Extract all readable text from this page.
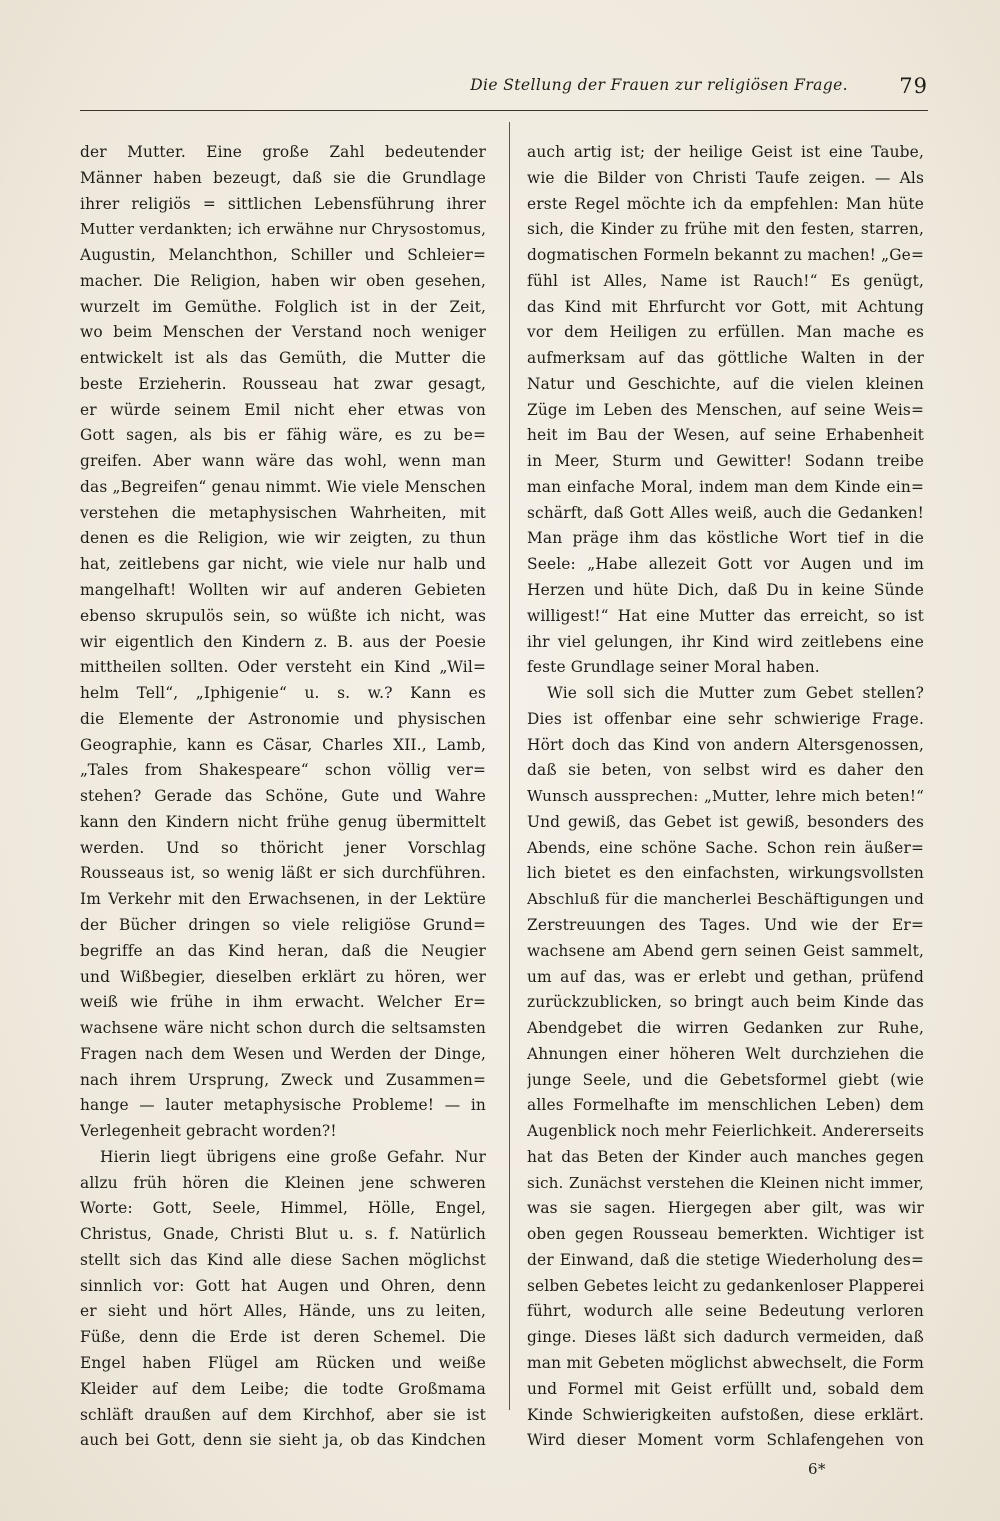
Die Stellung der Frauen zur religiösen Frage. 79
der Mutter. Eine große Zahl bedeutender
Männer haben bezeugt, daß sie die Grundlage
ihrer religiös = sittlichen Lebensführung ihrer
Mutter verdankten; ich erwähne nur Chrysostomus,
Augustin, Melanchthon, Schiller und Schleier=
macher. Die Religion, haben wir oben gesehen,
wurzelt im Gemüthe. Folglich ist in der Zeit,
wo beim Menschen der Verstand noch weniger
entwickelt ist als das Gemüth, die Mutter die
beste Erzieherin. Rousseau hat zwar gesagt,
er würde seinem Emil nicht eher etwas von
Gott sagen, als bis er fähig wäre, es zu be=
greifen. Aber wann wäre das wohl, wenn man
das „Begreifen“ genau nimmt. Wie viele Menschen
verstehen die metaphysischen Wahrheiten, mit
denen es die Religion, wie wir zeigten, zu thun
hat, zeitlebens gar nicht, wie viele nur halb und
mangelhaft! Wollten wir auf anderen Gebieten
ebenso skrupulös sein, so wüßte ich nicht, was
wir eigentlich den Kindern z. B. aus der Poesie
mittheilen sollten. Oder versteht ein Kind „Wil=
helm Tell“, „Iphigenie“ u. s. w.? Kann es
die Elemente der Astronomie und physischen
Geographie, kann es Cäsar, Charles XII., Lamb,
„Tales from Shakespeare“ schon völlig ver=
stehen? Gerade das Schöne, Gute und Wahre
kann den Kindern nicht frühe genug übermittelt
werden. Und so thöricht jener Vorschlag
Rousseaus ist, so wenig läßt er sich durchführen.
Im Verkehr mit den Erwachsenen, in der Lektüre
der Bücher dringen so viele religiöse Grund=
begriffe an das Kind heran, daß die Neugier
und Wißbegier, dieselben erklärt zu hören, wer
weiß wie frühe in ihm erwacht. Welcher Er=
wachsene wäre nicht schon durch die seltsamsten
Fragen nach dem Wesen und Werden der Dinge,
nach ihrem Ursprung, Zweck und Zusammen=
hange — lauter metaphysische Probleme! — in
Verlegenheit gebracht worden?!
Hierin liegt übrigens eine große Gefahr. Nur
allzu früh hören die Kleinen jene schweren
Worte: Gott, Seele, Himmel, Hölle, Engel,
Christus, Gnade, Christi Blut u. s. f. Natürlich
stellt sich das Kind alle diese Sachen möglichst
sinnlich vor: Gott hat Augen und Ohren, denn
er sieht und hört Alles, Hände, uns zu leiten,
Füße, denn die Erde ist deren Schemel. Die
Engel haben Flügel am Rücken und weiße
Kleider auf dem Leibe; die todte Großmama
schläft draußen auf dem Kirchhof, aber sie ist
auch bei Gott, denn sie sieht ja, ob das Kindchen
auch artig ist; der heilige Geist ist eine Taube,
wie die Bilder von Christi Taufe zeigen. — Als
erste Regel möchte ich da empfehlen: Man hüte
sich, die Kinder zu frühe mit den festen, starren,
dogmatischen Formeln bekannt zu machen! „Ge=
fühl ist Alles, Name ist Rauch!“ Es genügt,
das Kind mit Ehrfurcht vor Gott, mit Achtung
vor dem Heiligen zu erfüllen. Man mache es
aufmerksam auf das göttliche Walten in der
Natur und Geschichte, auf die vielen kleinen
Züge im Leben des Menschen, auf seine Weis=
heit im Bau der Wesen, auf seine Erhabenheit
in Meer, Sturm und Gewitter! Sodann treibe
man einfache Moral, indem man dem Kinde ein=
schärft, daß Gott Alles weiß, auch die Gedanken!
Man präge ihm das köstliche Wort tief in die
Seele: „Habe allezeit Gott vor Augen und im
Herzen und hüte Dich, daß Du in keine Sünde
willigest!“ Hat eine Mutter das erreicht, so ist
ihr viel gelungen, ihr Kind wird zeitlebens eine
feste Grundlage seiner Moral haben.
Wie soll sich die Mutter zum Gebet stellen?
Dies ist offenbar eine sehr schwierige Frage.
Hört doch das Kind von andern Altersgenossen,
daß sie beten, von selbst wird es daher den
Wunsch aussprechen: „Mutter, lehre mich beten!“
Und gewiß, das Gebet ist gewiß, besonders des
Abends, eine schöne Sache. Schon rein äußer=
lich bietet es den einfachsten, wirkungsvollsten
Abschluß für die mancherlei Beschäftigungen und
Zerstreuungen des Tages. Und wie der Er=
wachsene am Abend gern seinen Geist sammelt,
um auf das, was er erlebt und gethan, prüfend
zurückzublicken, so bringt auch beim Kinde das
Abendgebet die wirren Gedanken zur Ruhe,
Ahnungen einer höheren Welt durchziehen die
junge Seele, und die Gebetsformel giebt (wie
alles Formelhafte im menschlichen Leben) dem
Augenblick noch mehr Feierlichkeit. Andererseits
hat das Beten der Kinder auch manches gegen
sich. Zunächst verstehen die Kleinen nicht immer,
was sie sagen. Hiergegen aber gilt, was wir
oben gegen Rousseau bemerkten. Wichtiger ist
der Einwand, daß die stetige Wiederholung des=
selben Gebetes leicht zu gedankenloser Plapperei
führt, wodurch alle seine Bedeutung verloren
ginge. Dieses läßt sich dadurch vermeiden, daß
man mit Gebeten möglichst abwechselt, die Form
und Formel mit Geist erfüllt und, sobald dem
Kinde Schwierigkeiten aufstoßen, diese erklärt.
Wird dieser Moment vorm Schlafengehen von
6*
